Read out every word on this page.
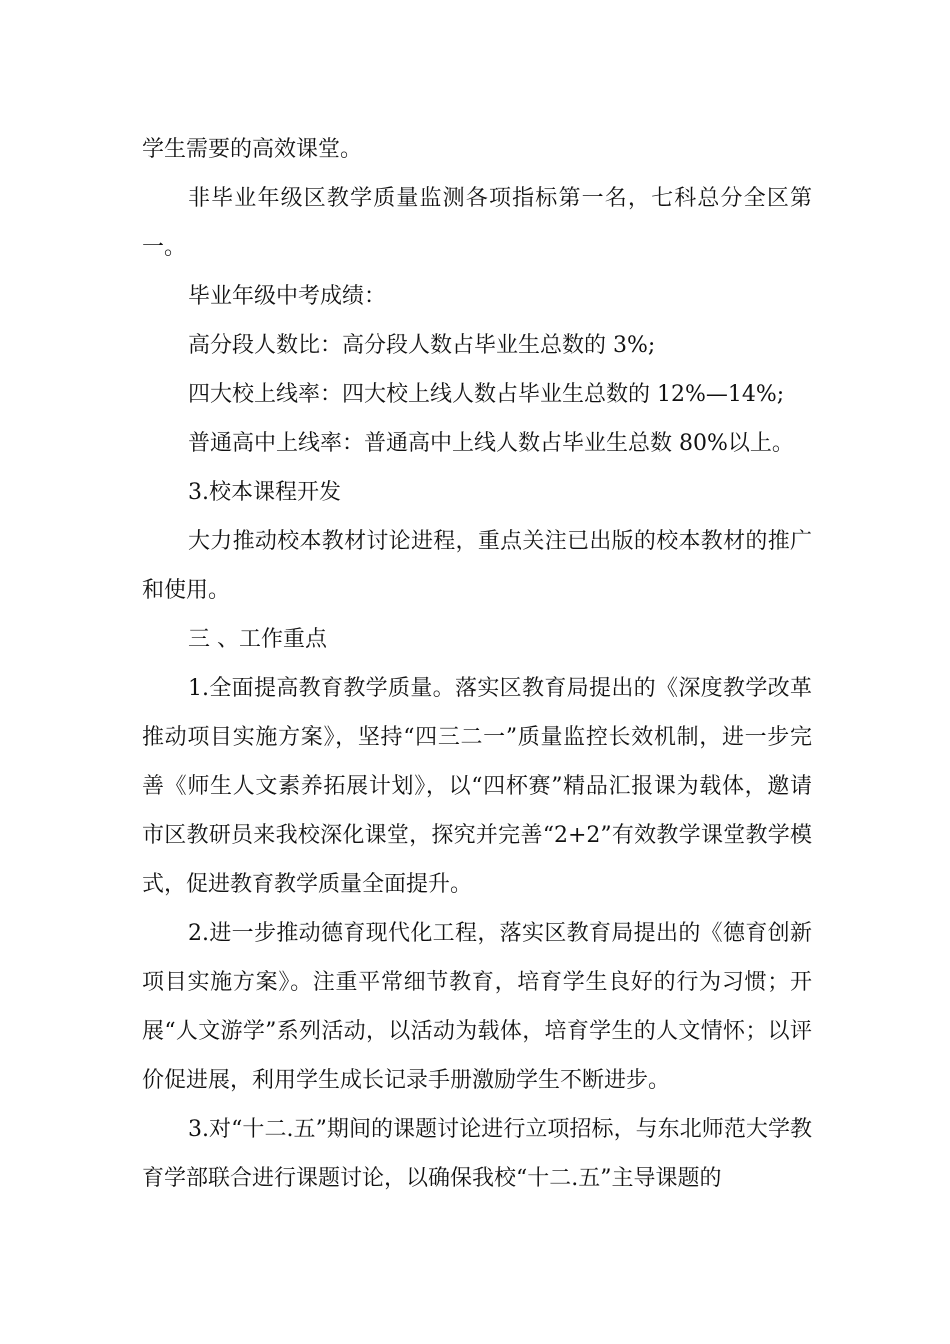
学生需要的高效课堂。

非毕业年级区教学质量监测各项指标第一名，七科总分全区第一。

毕业年级中考成绩：

高分段人数比：高分段人数占毕业生总数的 3%;

四大校上线率：四大校上线人数占毕业生总数的 12%—14%;

普通高中上线率：普通高中上线人数占毕业生总数 80%以上。

3.校本课程开发

大力推动校本教材讨论进程，重点关注已出版的校本教材的推广和使用。

三 、工作重点

1.全面提高教育教学质量。落实区教育局提出的《深度教学改革推动项目实施方案》，坚持“四三二一”质量监控长效机制，进一步完善《师生人文素养拓展计划》，以“四杯赛”精品汇报课为载体，邀请市区教研员来我校深化课堂，探究并完善“2+2”有效教学课堂教学模式，促进教育教学质量全面提升。

2.进一步推动德育现代化工程，落实区教育局提出的《德育创新项目实施方案》。注重平常细节教育，培育学生良好的行为习惯；开展“人文游学”系列活动，以活动为载体，培育学生的人文情怀；以评价促进展，利用学生成长记录手册激励学生不断进步。

3.对“十二.五”期间的课题讨论进行立项招标，与东北师范大学教育学部联合进行课题讨论，以确保我校“十二.五”主导课题的
